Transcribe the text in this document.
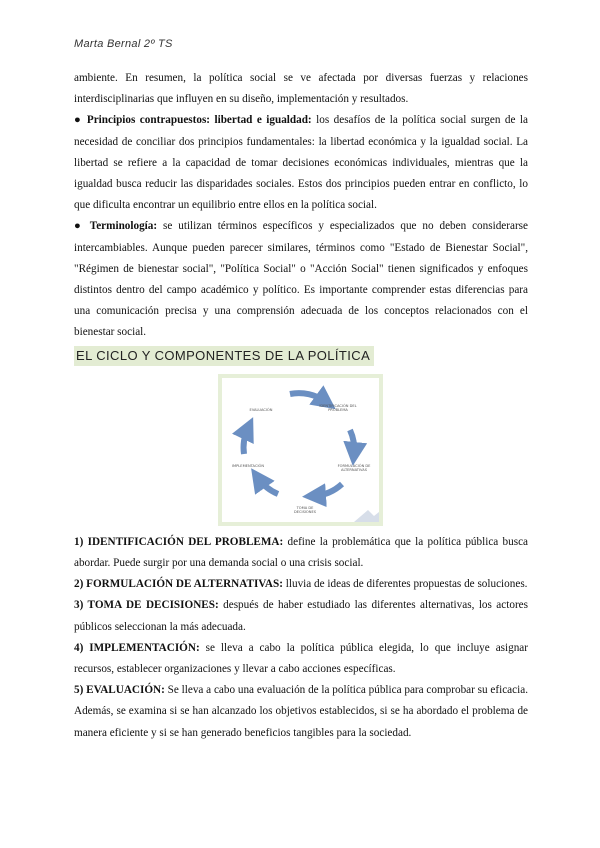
Marta Bernal 2º TS

ambiente. En resumen, la política social se ve afectada por diversas fuerzas y relaciones interdisciplinarias que influyen en su diseño, implementación y resultados.

● Principios contrapuestos: libertad e igualdad: los desafíos de la política social surgen de la necesidad de conciliar dos principios fundamentales: la libertad económica y la igualdad social. La libertad se refiere a la capacidad de tomar decisiones económicas individuales, mientras que la igualdad busca reducir las disparidades sociales. Estos dos principios pueden entrar en conflicto, lo que dificulta encontrar un equilibrio entre ellos en la política social.

● Terminología: se utilizan términos específicos y especializados que no deben considerarse intercambiables. Aunque pueden parecer similares, términos como "Estado de Bienestar Social", "Régimen de bienestar social", "Política Social" o "Acción Social" tienen significados y enfoques distintos dentro del campo académico y político. Es importante comprender estas diferencias para una comunicación precisa y una comprensión adecuada de los conceptos relacionados con el bienestar social.

EL CICLO Y COMPONENTES DE LA POLÍTICA
EVALUACIÓN
IDENTIFICACIÓN DEL PROBLEMA
FORMULACIÓN DE ALTERNATIVAS
TOMA DE DECISIONES
IMPLEMENTACIÓN

1) IDENTIFICACIÓN DEL PROBLEMA: define la problemática que la política pública busca abordar. Puede surgir por una demanda social o una crisis social.

2) FORMULACIÓN DE ALTERNATIVAS: lluvia de ideas de diferentes propuestas de soluciones.

3) TOMA DE DECISIONES: después de haber estudiado las diferentes alternativas, los actores públicos seleccionan la más adecuada.

4) IMPLEMENTACIÓN: se lleva a cabo la política pública elegida, lo que incluye asignar recursos, establecer organizaciones y llevar a cabo acciones específicas.

5) EVALUACIÓN: Se lleva a cabo una evaluación de la política pública para comprobar su eficacia. Además, se examina si se han alcanzado los objetivos establecidos, si se ha abordado el problema de manera eficiente y si se han generado beneficios tangibles para la sociedad.
